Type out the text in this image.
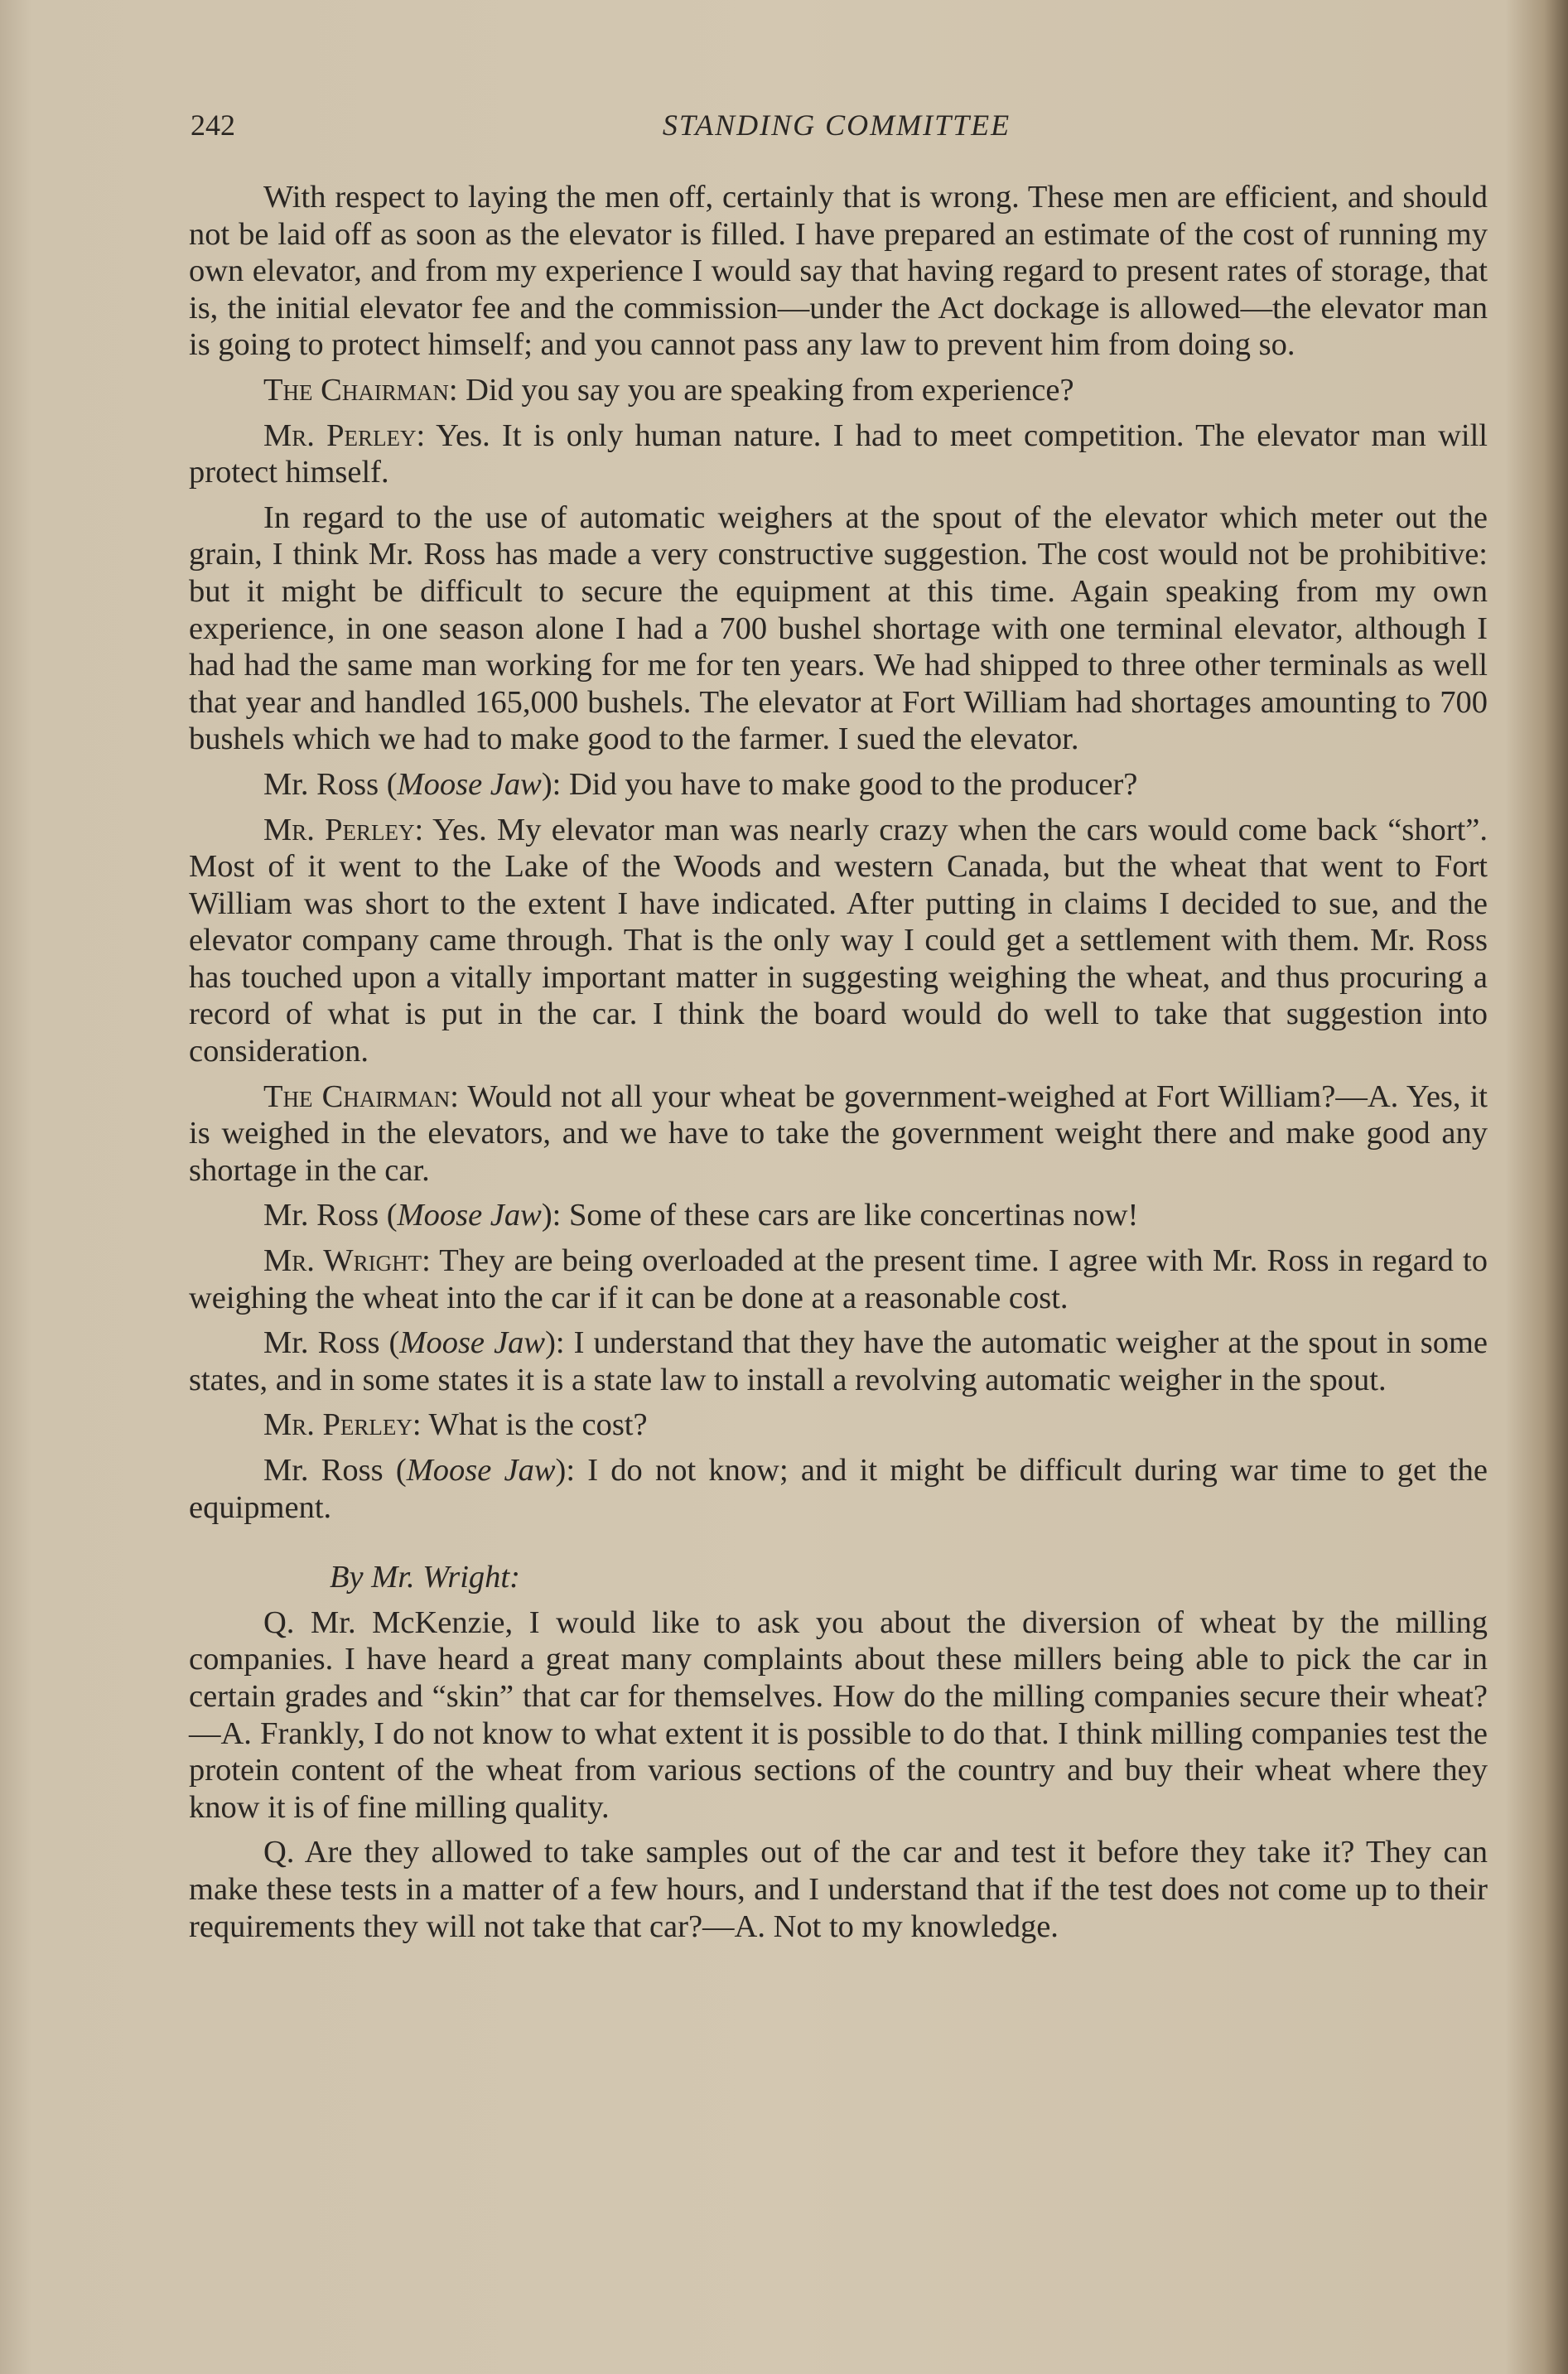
242	STANDING COMMITTEE

With respect to laying the men off, certainly that is wrong. These men are efficient, and should not be laid off as soon as the elevator is filled. I have prepared an estimate of the cost of running my own elevator, and from my experience I would say that having regard to present rates of storage, that is, the initial elevator fee and the commission—under the Act dockage is allowed—the elevator man is going to protect himself; and you cannot pass any law to prevent him from doing so.

The Chairman: Did you say you are speaking from experience?

Mr. Perley: Yes. It is only human nature. I had to meet competition. The elevator man will protect himself.

In regard to the use of automatic weighers at the spout of the elevator which meter out the grain, I think Mr. Ross has made a very constructive suggestion. The cost would not be prohibitive: but it might be difficult to secure the equipment at this time. Again speaking from my own experience, in one season alone I had a 700 bushel shortage with one terminal elevator, although I had had the same man working for me for ten years. We had shipped to three other terminals as well that year and handled 165,000 bushels. The elevator at Fort William had shortages amounting to 700 bushels which we had to make good to the farmer. I sued the elevator.

Mr. Ross (Moose Jaw): Did you have to make good to the producer?

Mr. Perley: Yes. My elevator man was nearly crazy when the cars would come back “short”. Most of it went to the Lake of the Woods and western Canada, but the wheat that went to Fort William was short to the extent I have indicated. After putting in claims I decided to sue, and the elevator company came through. That is the only way I could get a settlement with them. Mr. Ross has touched upon a vitally important matter in suggesting weighing the wheat, and thus procuring a record of what is put in the car. I think the board would do well to take that suggestion into consideration.

The Chairman: Would not all your wheat be government-weighed at Fort William?—A. Yes, it is weighed in the elevators, and we have to take the government weight there and make good any shortage in the car.

Mr. Ross (Moose Jaw): Some of these cars are like concertinas now!

Mr. Wright: They are being overloaded at the present time. I agree with Mr. Ross in regard to weighing the wheat into the car if it can be done at a reasonable cost.

Mr. Ross (Moose Jaw): I understand that they have the automatic weigher at the spout in some states, and in some states it is a state law to install a revolving automatic weigher in the spout.

Mr. Perley: What is the cost?

Mr. Ross (Moose Jaw): I do not know; and it might be difficult during war time to get the equipment.

By Mr. Wright:

Q. Mr. McKenzie, I would like to ask you about the diversion of wheat by the milling companies. I have heard a great many complaints about these millers being able to pick the car in certain grades and “skin” that car for themselves. How do the milling companies secure their wheat?—A. Frankly, I do not know to what extent it is possible to do that. I think milling companies test the protein content of the wheat from various sections of the country and buy their wheat where they know it is of fine milling quality.

Q. Are they allowed to take samples out of the car and test it before they take it? They can make these tests in a matter of a few hours, and I understand that if the test does not come up to their requirements they will not take that car?—A. Not to my knowledge.
